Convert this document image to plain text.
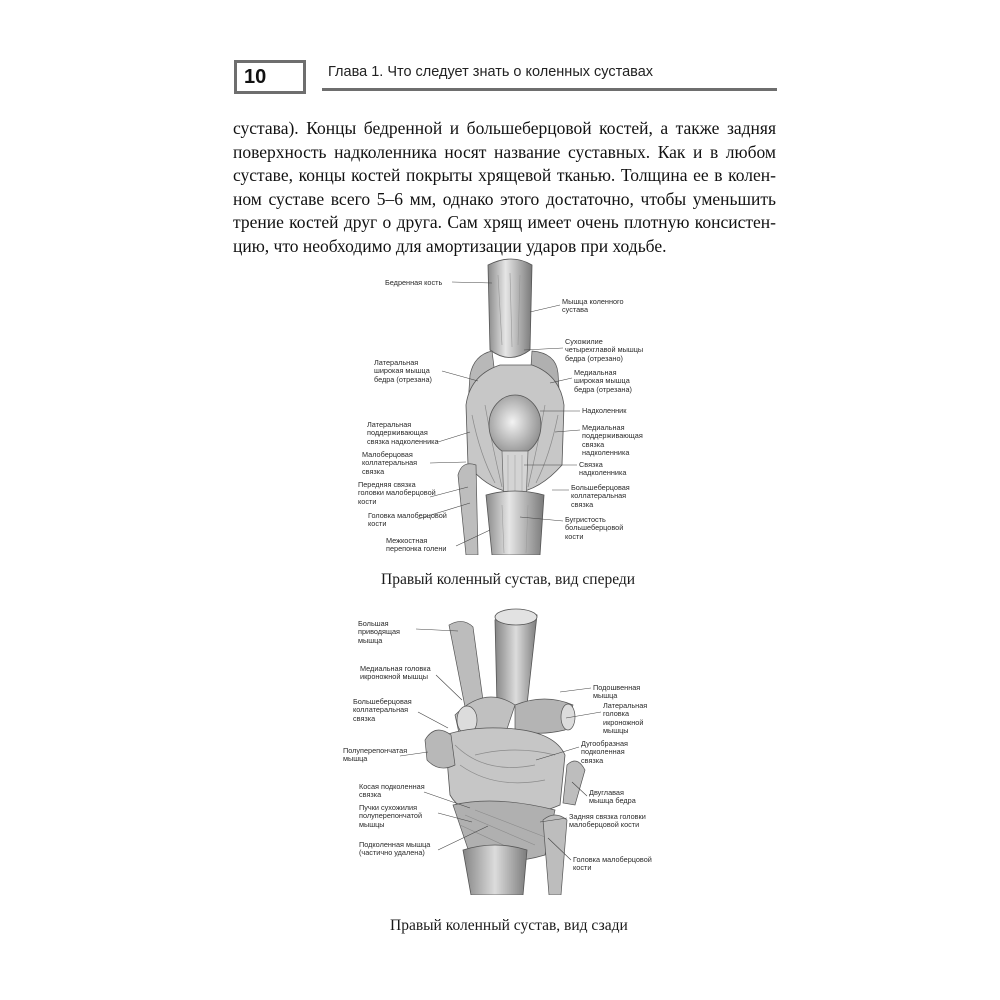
10	Глава 1. Что следует знать о коленных суставах
сустава). Концы бедренной и большеберцовой костей, а также задняя
поверхность надколенника носят название суставных. Как и в любом
суставе, концы костей покрыты хрящевой тканью. Толщина ее в колен-
ном суставе всего 5–6 мм, однако этого достаточно, чтобы уменьшить
трение костей друг о друга. Сам хрящ имеет очень плотную консистен-
цию, что необходимо для амортизации ударов при ходьбе.
Бедренная кость
Латеральная
широкая мышца
бедра (отрезана)
Латеральная
поддерживающая
связка надколенника
Малоберцовая
коллатеральная
связка
Передняя связка
головки малоберцовой
кости
Головка малоберцовой
кости
Межкостная
перепонка голени
Мышца коленного
сустава
Сухожилие
четырехглавой мышцы
бедра (отрезано)
Медиальная
широкая мышца
бедра (отрезана)
Надколенник
Медиальная
поддерживающая
связка
надколенника
Связка
надколенника
Большеберцовая
коллатеральная
связка
Бугристость
большеберцовой
кости
Правый коленный сустав, вид спереди
Большая
приводящая
мышца
Медиальная головка
икроножной мышцы
Большеберцовая
коллатеральная
связка
Полуперепончатая
мышца
Косая подколенная
связка
Пучки сухожилия
полуперепончатой
мышцы
Подколенная мышца
(частично удалена)
Подошвенная
мышца
Латеральная
головка
икроножной
мышцы
Дугообразная
подколенная
связка
Двуглавая
мышца бедра
Задняя связка головки
малоберцовой кости
Головка малоберцовой
кости
Правый коленный сустав, вид сзади
